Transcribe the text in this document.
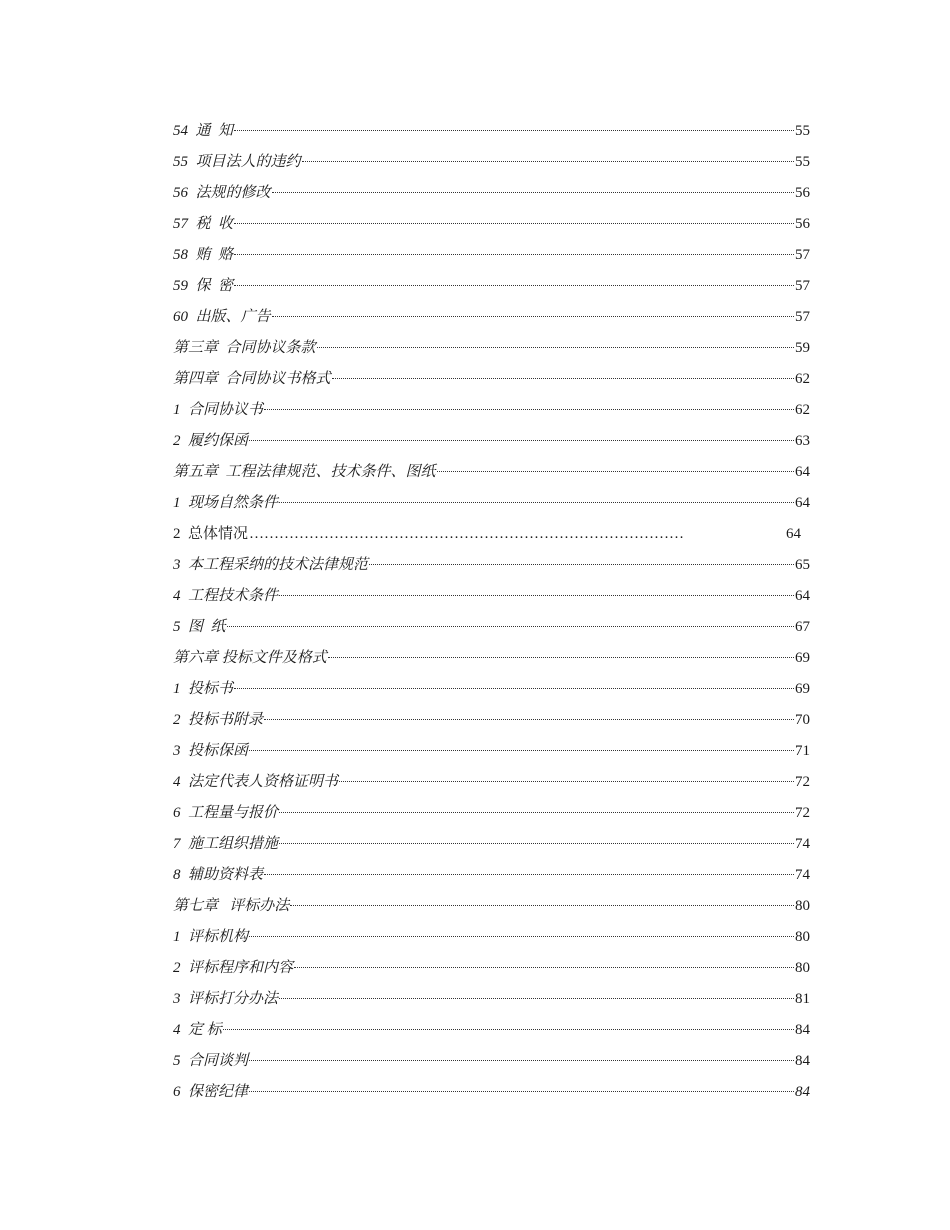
54  通  知	55
55  项目法人的违约	55
56  法规的修改	56
57  税  收	56
58  贿  赂	57
59  保  密	57
60  出版、广告	57
第三章  合同协议条款	59
第四章  合同协议书格式	62
1  合同协议书	62
2  履约保函	63
第五章  工程法律规范、技术条件、图纸	64
1  现场自然条件	64
2  总体情况 ……………………………………………………………………………	64
3  本工程采纳的技术法律规范	65
4  工程技术条件	64
5  图  纸	67
第六章 投标文件及格式	69
1  投标书	69
2  投标书附录	70
3  投标保函	71
4  法定代表人资格证明书	72
6  工程量与报价	72
7  施工组织措施	74
8  辅助资料表	74
第七章   评标办法	80
1  评标机构	80
2  评标程序和内容	80
3  评标打分办法	81
4  定 标	84
5  合同谈判	84
6  保密纪律	84
